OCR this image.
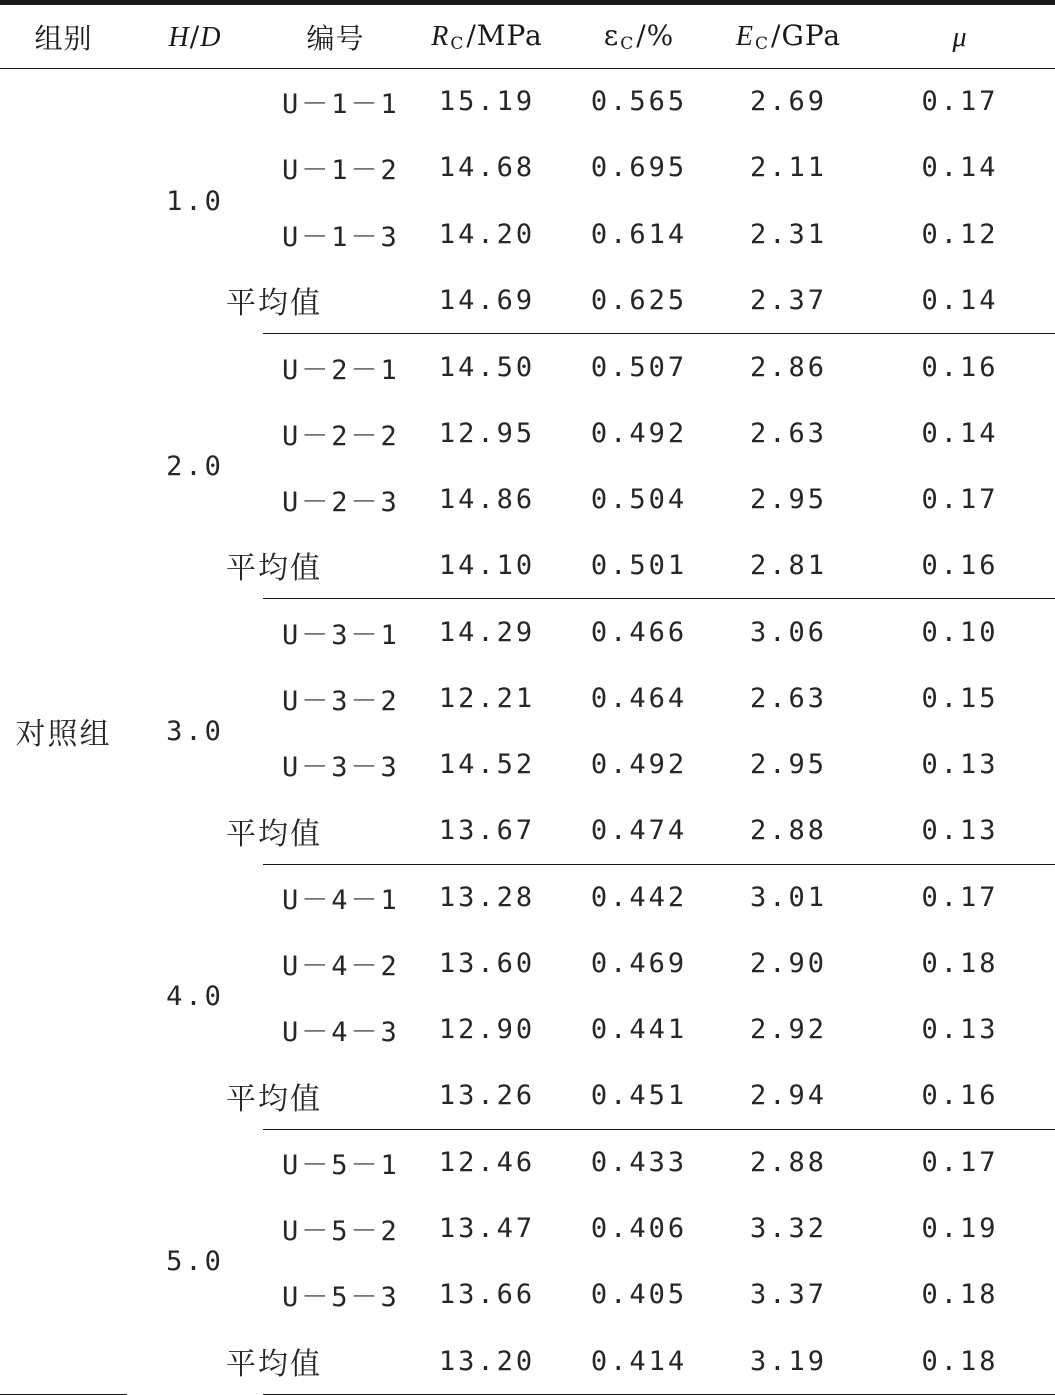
组别	H/D	编号	$R_C$/MPa	$\varepsilon_C/\%$	$E_C$/GPa	μ
对照组	1.0	U－1－1	15.19	0.565	2.69	0.17
U－1－2	14.68	0.695	2.11	0.14
U－1－3	14.20	0.614	2.31	0.12
平均值	14.69	0.625	2.37	0.14
2.0	U－2－1	14.50	0.507	2.86	0.16
U－2－2	12.95	0.492	2.63	0.14
U－2－3	14.86	0.504	2.95	0.17
平均值	14.10	0.501	2.81	0.16
3.0	U－3－1	14.29	0.466	3.06	0.10
U－3－2	12.21	0.464	2.63	0.15
U－3－3	14.52	0.492	2.95	0.13
平均值	13.67	0.474	2.88	0.13
4.0	U－4－1	13.28	0.442	3.01	0.17
U－4－2	13.60	0.469	2.90	0.18
U－4－3	12.90	0.441	2.92	0.13
平均值	13.26	0.451	2.94	0.16
5.0	U－5－1	12.46	0.433	2.88	0.17
U－5－2	13.47	0.406	3.32	0.19
U－5－3	13.66	0.405	3.37	0.18
平均值	13.20	0.414	3.19	0.18
